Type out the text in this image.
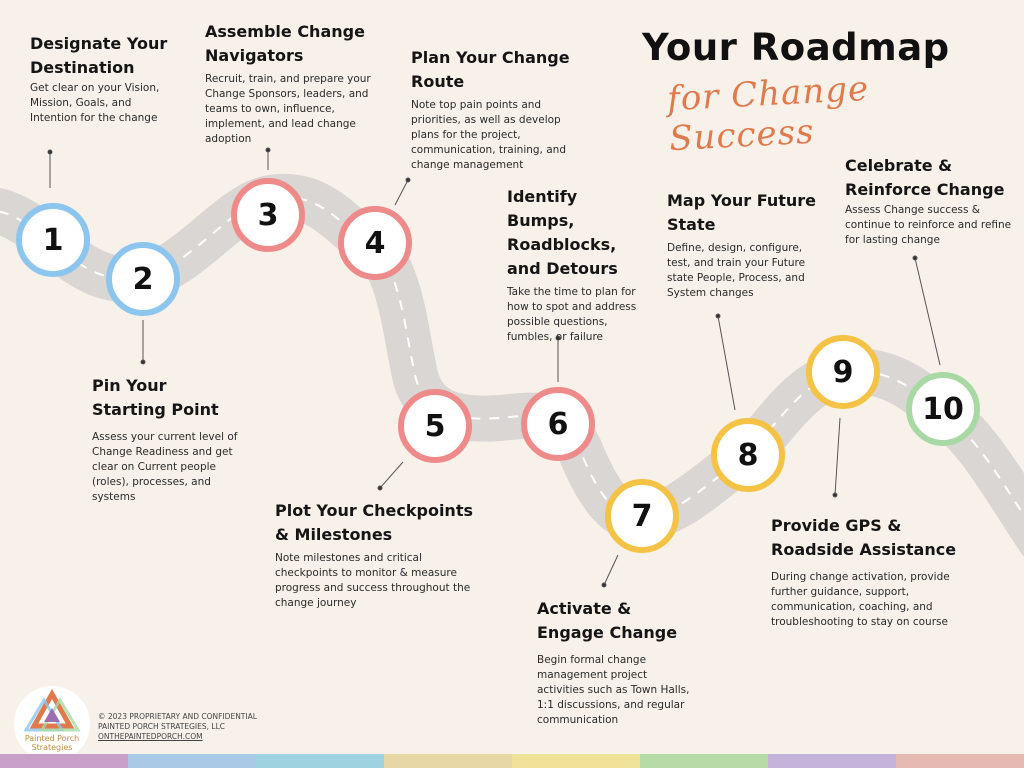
Your Roadmap
for Change Success
1
2
3
4
5	6
7
8
9
10
Designate Your Destination

Get clear on your Vision, Mission, Goals, and Intention for the change

Pin Your Starting Point

Assess your current level of Change Readiness and get clear on Current people (roles), processes, and systems

Assemble Change Navigators

Recruit, train, and prepare your Change Sponsors, leaders, and teams to own, influence, implement, and lead change adoption

Plan Your Change Route

Note top pain points and priorities, as well as develop plans for the project, communication, training, and change management

Plot Your Checkpoints & Milestones

Note milestones and critical checkpoints to monitor & measure progress and success throughout the change journey

Identify Bumps, Roadblocks, and Detours

Take the time to plan for how to spot and address possible questions, fumbles, or failure

Activate & Engage Change

Begin formal change management project activities such as Town Halls, 1:1 discussions, and regular communication

Map Your Future State

Define, design, configure, test, and train your Future state People, Process, and System changes

Provide GPS & Roadside Assistance

During change activation, provide further guidance, support, communication, coaching, and troubleshooting to stay on course

Celebrate & Reinforce Change

Assess Change success & continue to reinforce and refine for lasting change

Painted Porch
Strategies
© 2023 PROPRIETARY AND CONFIDENTIAL
PAINTED PORCH STRATEGIES, LLC
ONTHEPAINTEDPORCH.COM
